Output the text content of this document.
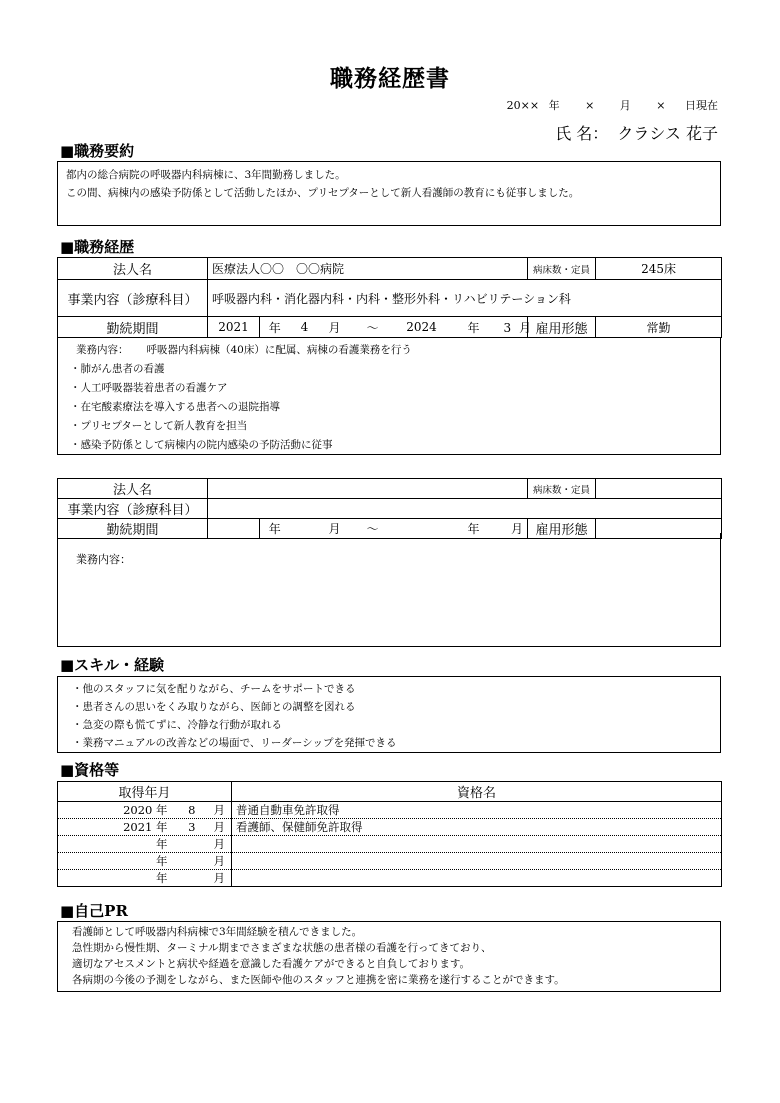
職務経歴書
20×× 年 × 月 × 日現在
氏 名： クラシス 花子
■職務要約
都内の総合病院の呼吸器内科病棟に、3年間勤務しました。
この間、病棟内の感染予防係として活動したほか、プリセプターとして新人看護師の教育にも従事しました。
■職務経歴
法人名	医療法人〇〇　〇〇病院								病床数・定員	245床
事業内容（診療科目）	呼吸器内科・消化器内科・内科・整形外科・リハビリテーション科									
勤続期間	2021	年	4	月	～	2024	年	3 月	雇用形態	常勤
業務内容： 呼吸器内科病棟（40床）に配属、病棟の看護業務を行う
・肺がん患者の看護
・人工呼吸器装着患者の看護ケア
・在宅酸素療法を導入する患者への退院指導
・プリセプターとして新人教育を担当
・感染予防係として病棟内の院内感染の予防活動に従事
法人名									病床数・定員	
事業内容（診療科目）										
勤続期間		年		月	～		年	月	雇用形態	
業務内容：
■スキル・経験
・他のスタッフに気を配りながら、チームをサポートできる
・患者さんの思いをくみ取りながら、医師との調整を図れる
・急変の際も慌てずに、冷静な行動が取れる
・業務マニュアルの改善などの場面で、リーダーシップを発揮できる
■資格等
取得年月	資格名
2020 年 8 月	普通自動車免許取得
2021 年 3 月	看護師、保健師免許取得
年 月	
年 月	
年 月	
■自己PR
看護師として呼吸器内科病棟で3年間経験を積んできました。
急性期から慢性期、ターミナル期までさまざまな状態の患者様の看護を行ってきており、
適切なアセスメントと病状や経過を意識した看護ケアができると自負しております。
各病期の今後の予測をしながら、また医師や他のスタッフと連携を密に業務を遂行することができます。
